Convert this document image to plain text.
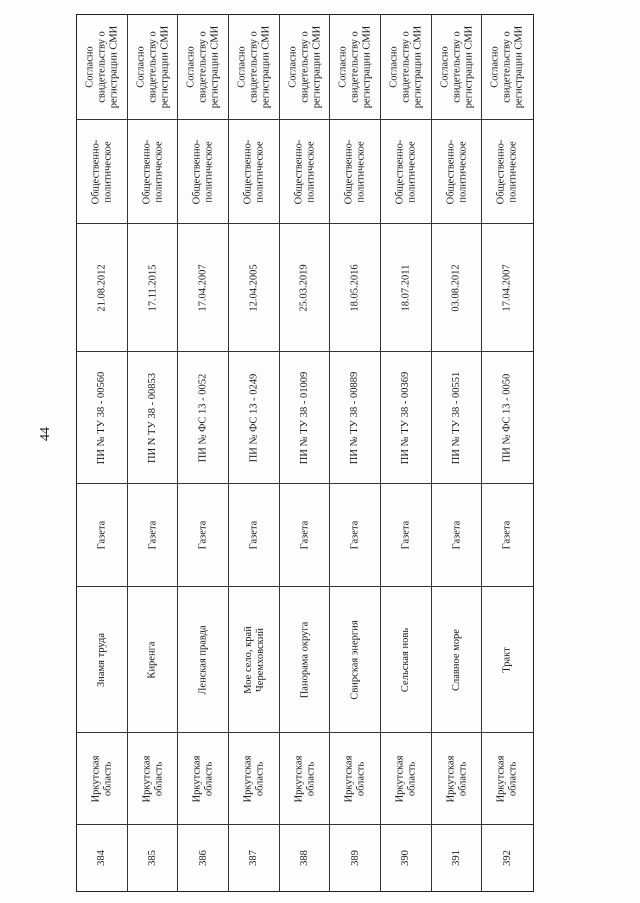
44
Согласно свидетельству о регистрации СМИ
Общественно- политическое
21.08.2012
ПИ № ТУ 38 - 00560
Газета
Знамя труда
Иркутская область
384
Согласно свидетельству о регистрации СМИ
Общественно- политическое
17.11.2015
ПИ N ТУ 38 - 00853
Газета
Киренга
Иркутская область
385
Согласно свидетельству о регистрации СМИ
Общественно- политическое
17.04.2007
ПИ № ФС 13 - 0052
Газета
Ленская правда
Иркутская область
386
Согласно свидетельству о регистрации СМИ
Общественно- политическое
12.04.2005
ПИ № ФС 13 - 0249
Газета
Мое село, край Черемховский
Иркутская область
387
Согласно свидетельству о регистрации СМИ
Общественно- политическое
25.03.2019
ПИ № ТУ 38 - 01009
Газета
Панорама округа
Иркутская область
388
Согласно свидетельству о регистрации СМИ
Общественно- политическое
18.05.2016
ПИ № ТУ 38 - 00889
Газета
Свирская энергия
Иркутская область
389
Согласно свидетельству о регистрации СМИ
Общественно- политическое
18.07.2011
ПИ № ТУ 38 - 00369
Газета
Сельская новь
Иркутская область
390
Согласно свидетельству о регистрации СМИ
Общественно- политическое
03.08.2012
ПИ № ТУ 38 - 00551
Газета
Славное море
Иркутская область
391
Согласно свидетельству о регистрации СМИ
Общественно- политическое
17.04.2007
ПИ № ФС 13 - 0050
Газета
Тракт
Иркутская область
392
